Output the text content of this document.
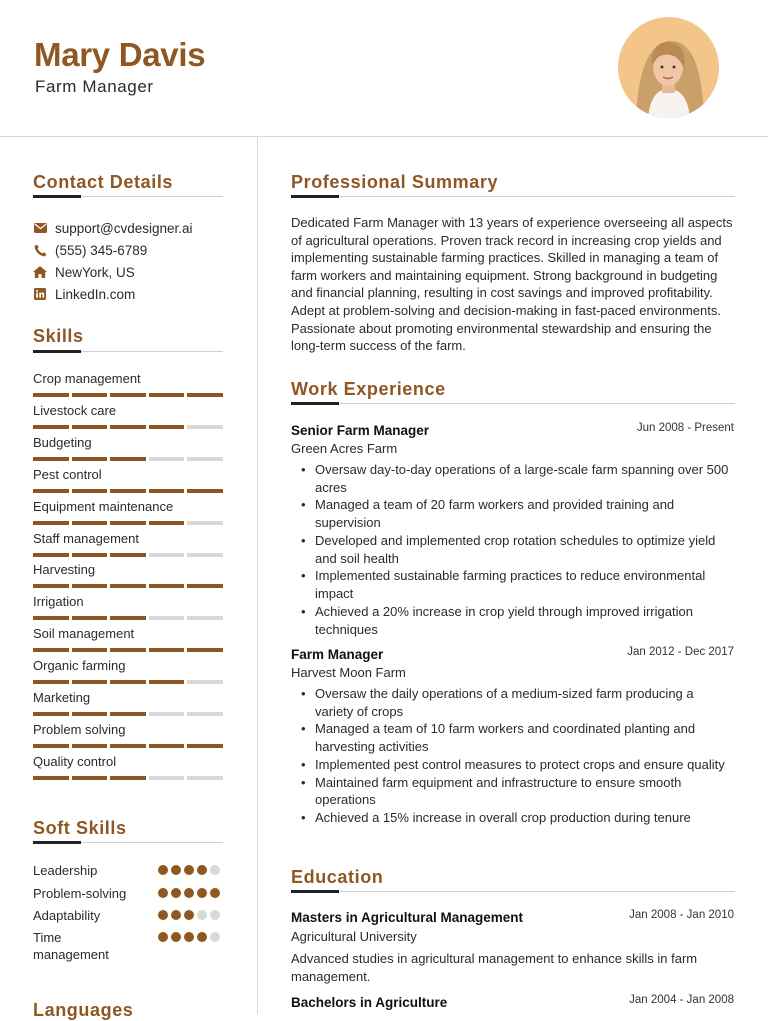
Mary Davis
Farm Manager
Contact Details
support@cvdesigner.ai
(555) 345-6789
NewYork, US
LinkedIn.com
Skills
Crop management
Livestock care
Budgeting
Pest control
Equipment maintenance
Staff management
Harvesting
Irrigation
Soil management
Organic farming
Marketing
Problem solving
Quality control
Soft Skills
Leadership
Problem-solving
Adaptability
Time management
Languages
Professional Summary
Dedicated Farm Manager with 13 years of experience overseeing all aspects of agricultural operations. Proven track record in increasing crop yields and implementing sustainable farming practices. Skilled in managing a team of farm workers and maintaining equipment. Strong background in budgeting and financial planning, resulting in cost savings and improved profitability. Adept at problem-solving and decision-making in fast-paced environments. Passionate about promoting environmental stewardship and ensuring the long-term success of the farm.
Work Experience
Senior Farm Manager	Jun 2008 - Present
Green Acres Farm
• Oversaw day-to-day operations of a large-scale farm spanning over 500 acres
• Managed a team of 20 farm workers and provided training and supervision
• Developed and implemented crop rotation schedules to optimize yield and soil health
• Implemented sustainable farming practices to reduce environmental impact
• Achieved a 20% increase in crop yield through improved irrigation techniques
Farm Manager	Jan 2012 - Dec 2017
Harvest Moon Farm
• Oversaw the daily operations of a medium-sized farm producing a variety of crops
• Managed a team of 10 farm workers and coordinated planting and harvesting activities
• Implemented pest control measures to protect crops and ensure quality
• Maintained farm equipment and infrastructure to ensure smooth operations
• Achieved a 15% increase in overall crop production during tenure
Education
Masters in Agricultural Management	Jan 2008 - Jan 2010
Agricultural University
Advanced studies in agricultural management to enhance skills in farm management.
Bachelors in Agriculture	Jan 2004 - Jan 2008
